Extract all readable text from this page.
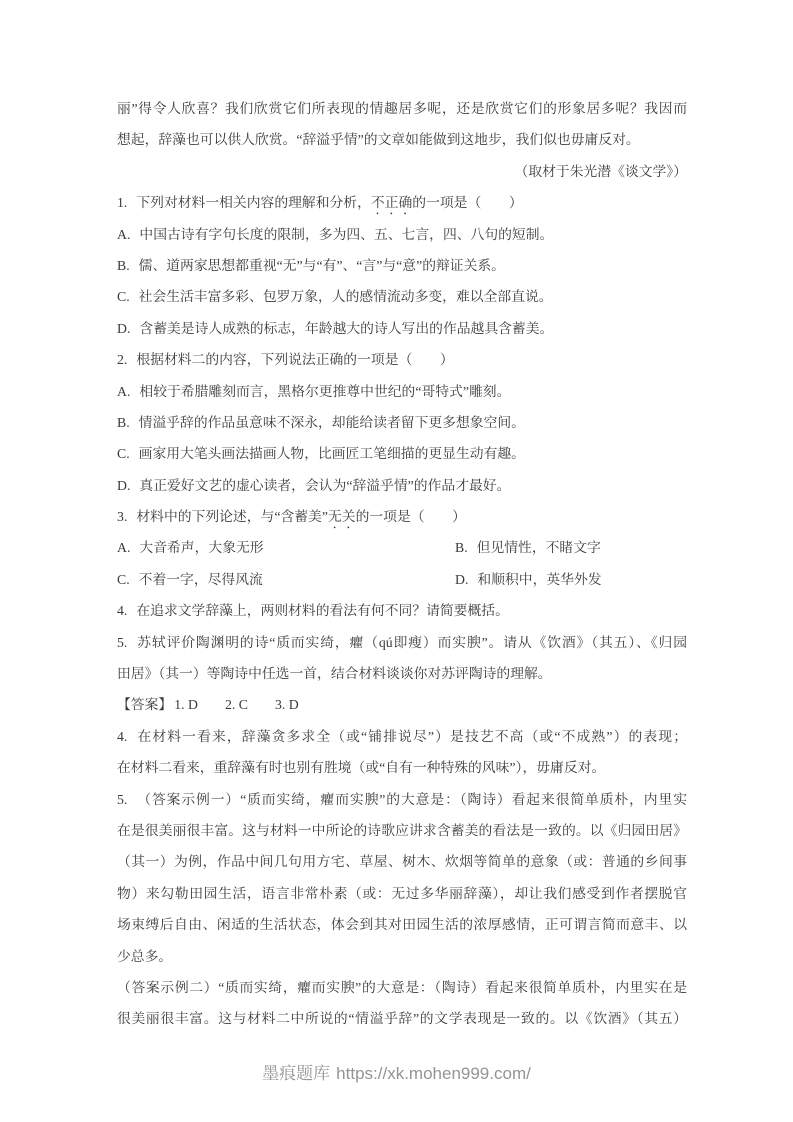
丽”得令人欣喜？我们欣赏它们所表现的情趣居多呢，还是欣赏它们的形象居多呢？我因而
想起，辞藻也可以供人欣赏。“辞溢乎情”的文章如能做到这地步，我们似也毋庸反对。
（取材于朱光潜《谈文学》）
1. 下列对材料一相关内容的理解和分析，不正确的一项是（　　）
A. 中国古诗有字句长度的限制，多为四、五、七言，四、八句的短制。
B. 儒、道两家思想都重视“无”与“有”、“言”与“意”的辩证关系。
C. 社会生活丰富多彩、包罗万象，人的感情流动多变，难以全部直说。
D. 含蓄美是诗人成熟的标志，年龄越大的诗人写出的作品越具含蓄美。
2. 根据材料二的内容，下列说法正确的一项是（　　）
A. 相较于希腊雕刻而言，黑格尔更推尊中世纪的“哥特式”雕刻。
B. 情溢乎辞的作品虽意味不深永，却能给读者留下更多想象空间。
C. 画家用大笔头画法描画人物，比画匠工笔细描的更显生动有趣。
D. 真正爱好文艺的虚心读者，会认为“辞溢乎情”的作品才最好。
3. 材料中的下列论述，与“含蓄美”无关的一项是（　　）
A. 大音希声，大象无形	B. 但见情性，不睹文字
C. 不着一字，尽得风流	D. 和顺积中，英华外发
4. 在追求文学辞藻上，两则材料的看法有何不同？请简要概括。
5. 苏轼评价陶渊明的诗“质而实绮，癯（qú即瘦）而实腴”。请从《饮酒》（其五）、《归园
田居》（其一）等陶诗中任选一首，结合材料谈谈你对苏评陶诗的理解。
【答案】 1. D 2. C 3. D
4. 在材料一看来，辞藻贪多求全（或“铺排说尽”）是技艺不高（或“不成熟”）的表现；
在材料二看来，重辞藻有时也别有胜境（或“自有一种特殊的风味”），毋庸反对。
5. （答案示例一）“质而实绮，癯而实腴”的大意是：（陶诗）看起来很简单质朴，内里实
在是很美丽很丰富。这与材料一中所论的诗歌应讲求含蓄美的看法是一致的。以《归园田居》
（其一）为例，作品中间几句用方宅、草屋、树木、炊烟等简单的意象（或：普通的乡间事
物）来勾勒田园生活，语言非常朴素（或：无过多华丽辞藻），却让我们感受到作者摆脱官
场束缚后自由、闲适的生活状态，体会到其对田园生活的浓厚感情，正可谓言简而意丰、以
少总多。
（答案示例二）“质而实绮，癯而实腴”的大意是：（陶诗）看起来很简单质朴，内里实在是
很美丽很丰富。这与材料二中所说的“情溢乎辞”的文学表现是一致的。以《饮酒》（其五）
墨痕题库 https://xk.mohen999.com/
